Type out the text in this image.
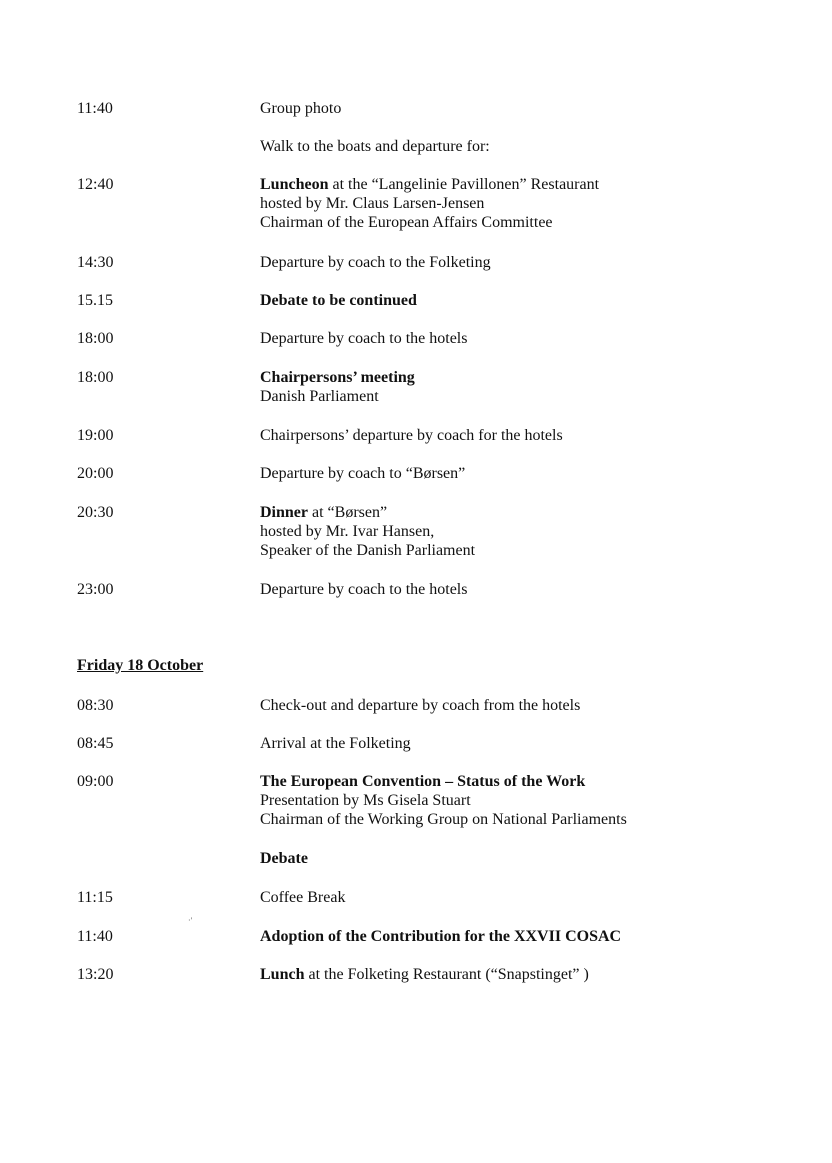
11:40	Group photo
Walk to the boats and departure for:
12:40	Luncheon at the “Langelinie Pavillonen” Restaurant
hosted by Mr. Claus Larsen-Jensen
Chairman of the European Affairs Committee
14:30	Departure by coach to the Folketing
15.15	Debate to be continued
18:00	Departure by coach to the hotels
18:00	Chairpersons’ meeting
Danish Parliament
19:00	Chairpersons’ departure by coach for the hotels
20:00	Departure by coach to “Børsen”
20:30	Dinner at “Børsen”
hosted by Mr. Ivar Hansen,
Speaker of the Danish Parliament
23:00	Departure by coach to the hotels
Friday 18 October
08:30	Check-out and departure by coach from the hotels
08:45	Arrival at the Folketing
09:00	The European Convention – Status of the Work
Presentation by Ms Gisela Stuart
Chairman of the Working Group on National Parliaments
Debate
11:15	Coffee Break
11:40	Adoption of the Contribution for the XXVII COSAC
13:20	Lunch at the Folketing Restaurant (“Snapstinget” )
·′
